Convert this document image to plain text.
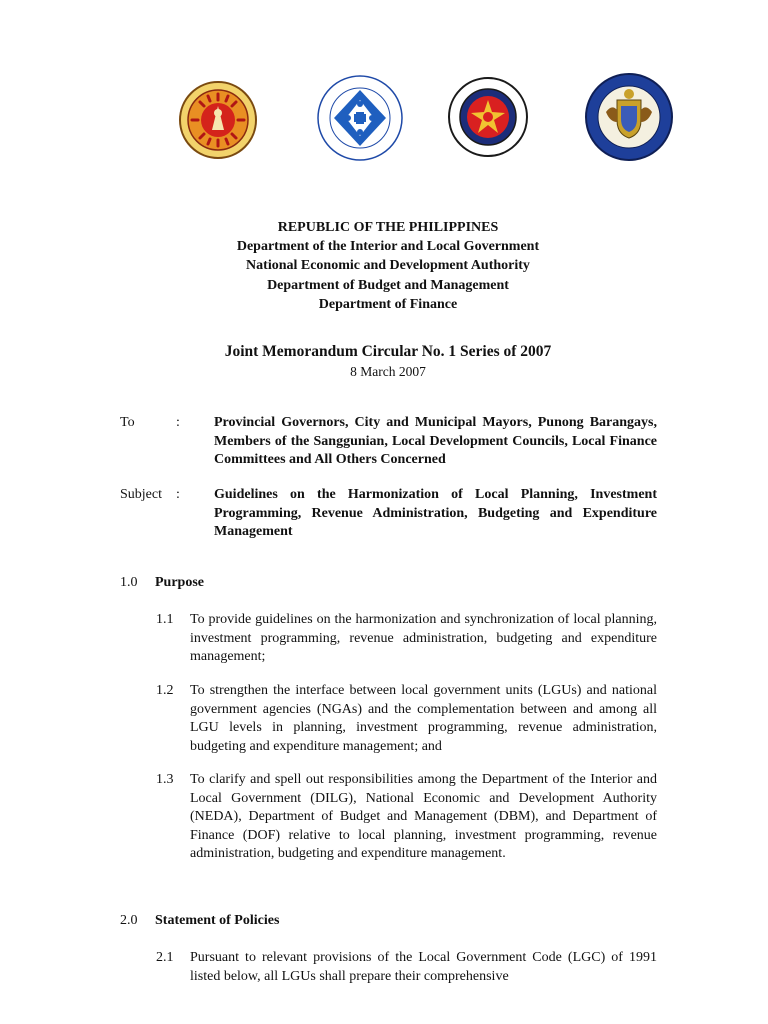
REPUBLIC OF THE PHILIPPINES
Department of the Interior and Local Government
National Economic and Development Authority
Department of Budget and Management
Department of Finance
Joint Memorandum Circular No. 1 Series of 2007
8 March 2007
To	: Provincial Governors, City and Municipal Mayors, Punong Barangays, Members of the Sanggunian, Local Development Councils, Local Finance Committees and All Others Concerned
Subject : Guidelines on the Harmonization of Local Planning, Investment Programming, Revenue Administration, Budgeting and Expenditure Management
1.0 Purpose
1.1 To provide guidelines on the harmonization and synchronization of local planning, investment programming, revenue administration, budgeting and expenditure management;
1.2 To strengthen the interface between local government units (LGUs) and national government agencies (NGAs) and the complementation between and among all LGU levels in planning, investment programming, revenue administration, budgeting and expenditure management; and
1.3 To clarify and spell out responsibilities among the Department of the Interior and Local Government (DILG), National Economic and Development Authority (NEDA), Department of Budget and Management (DBM), and Department of Finance (DOF) relative to local planning, investment programming, revenue administration, budgeting and expenditure management.
2.0 Statement of Policies
2.1 Pursuant to relevant provisions of the Local Government Code (LGC) of 1991 listed below, all LGUs shall prepare their comprehensive
